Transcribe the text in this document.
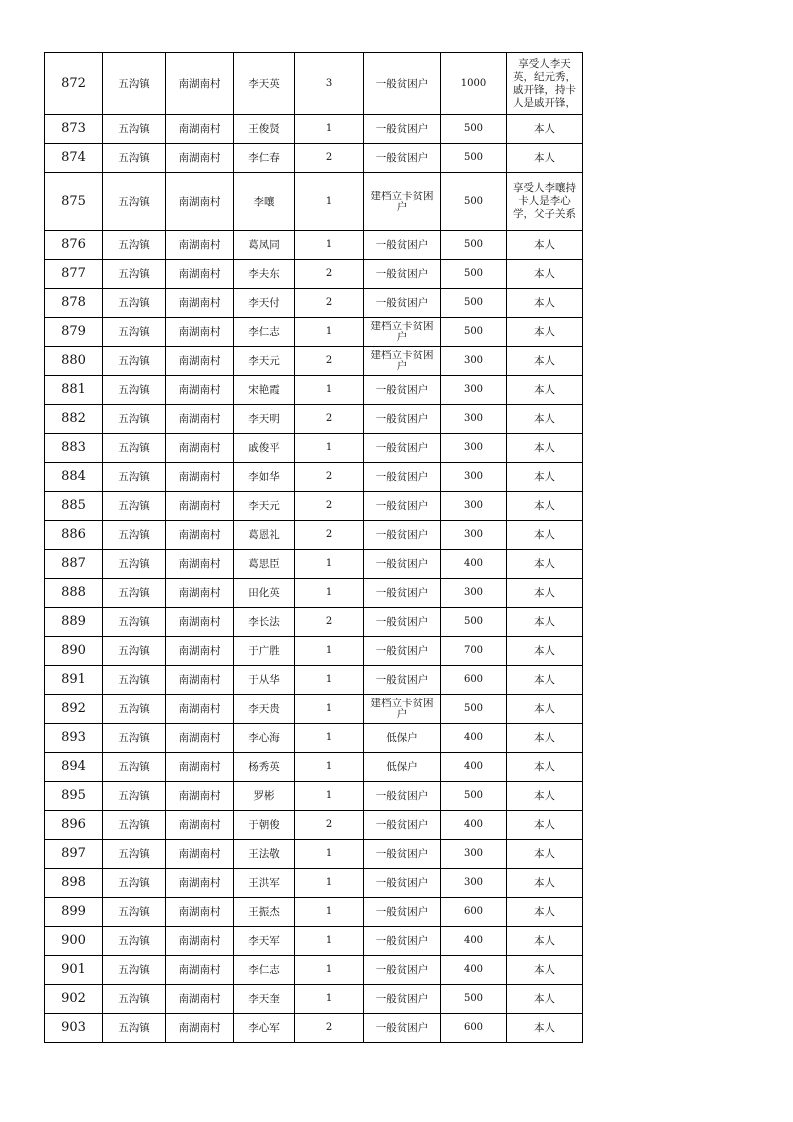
872	五沟镇	南湖南村	李天英	3	一般贫困户	1000	享受人李天英，纪元秀，戚开锋，持卡人是戚开锋，

873	五沟镇	南湖南村	王俊贤	1	一般贫困户	500	本人

874	五沟镇	南湖南村	李仁春	2	一般贫困户	500	本人

875	五沟镇	南湖南村	李嚷	1	建档立卡贫困户	500	享受人李嚷持卡人是李心学，父子关系

876	五沟镇	南湖南村	葛凤同	1	一般贫困户	500	本人

877	五沟镇	南湖南村	李夫东	2	一般贫困户	500	本人

878	五沟镇	南湖南村	李天付	2	一般贫困户	500	本人

879	五沟镇	南湖南村	李仁志	1	建档立卡贫困户	500	本人

880	五沟镇	南湖南村	李天元	2	建档立卡贫困户	300	本人

881	五沟镇	南湖南村	宋艳霞	1	一般贫困户	300	本人

882	五沟镇	南湖南村	李天明	2	一般贫困户	300	本人

883	五沟镇	南湖南村	戚俊平	1	一般贫困户	300	本人

884	五沟镇	南湖南村	李如华	2	一般贫困户	300	本人

885	五沟镇	南湖南村	李天元	2	一般贫困户	300	本人

886	五沟镇	南湖南村	葛恩礼	2	一般贫困户	300	本人

887	五沟镇	南湖南村	葛思臣	1	一般贫困户	400	本人

888	五沟镇	南湖南村	田化英	1	一般贫困户	300	本人

889	五沟镇	南湖南村	李长法	2	一般贫困户	500	本人

890	五沟镇	南湖南村	于广胜	1	一般贫困户	700	本人

891	五沟镇	南湖南村	于从华	1	一般贫困户	600	本人

892	五沟镇	南湖南村	李天贵	1	建档立卡贫困户	500	本人

893	五沟镇	南湖南村	李心海	1	低保户	400	本人

894	五沟镇	南湖南村	杨秀英	1	低保户	400	本人

895	五沟镇	南湖南村	罗彬	1	一般贫困户	500	本人

896	五沟镇	南湖南村	于朝俊	2	一般贫困户	400	本人

897	五沟镇	南湖南村	王法敬	1	一般贫困户	300	本人

898	五沟镇	南湖南村	王洪军	1	一般贫困户	300	本人

899	五沟镇	南湖南村	王振杰	1	一般贫困户	600	本人

900	五沟镇	南湖南村	李天军	1	一般贫困户	400	本人

901	五沟镇	南湖南村	李仁志	1	一般贫困户	400	本人

902	五沟镇	南湖南村	李天奎	1	一般贫困户	500	本人

903	五沟镇	南湖南村	李心军	2	一般贫困户	600	本人
